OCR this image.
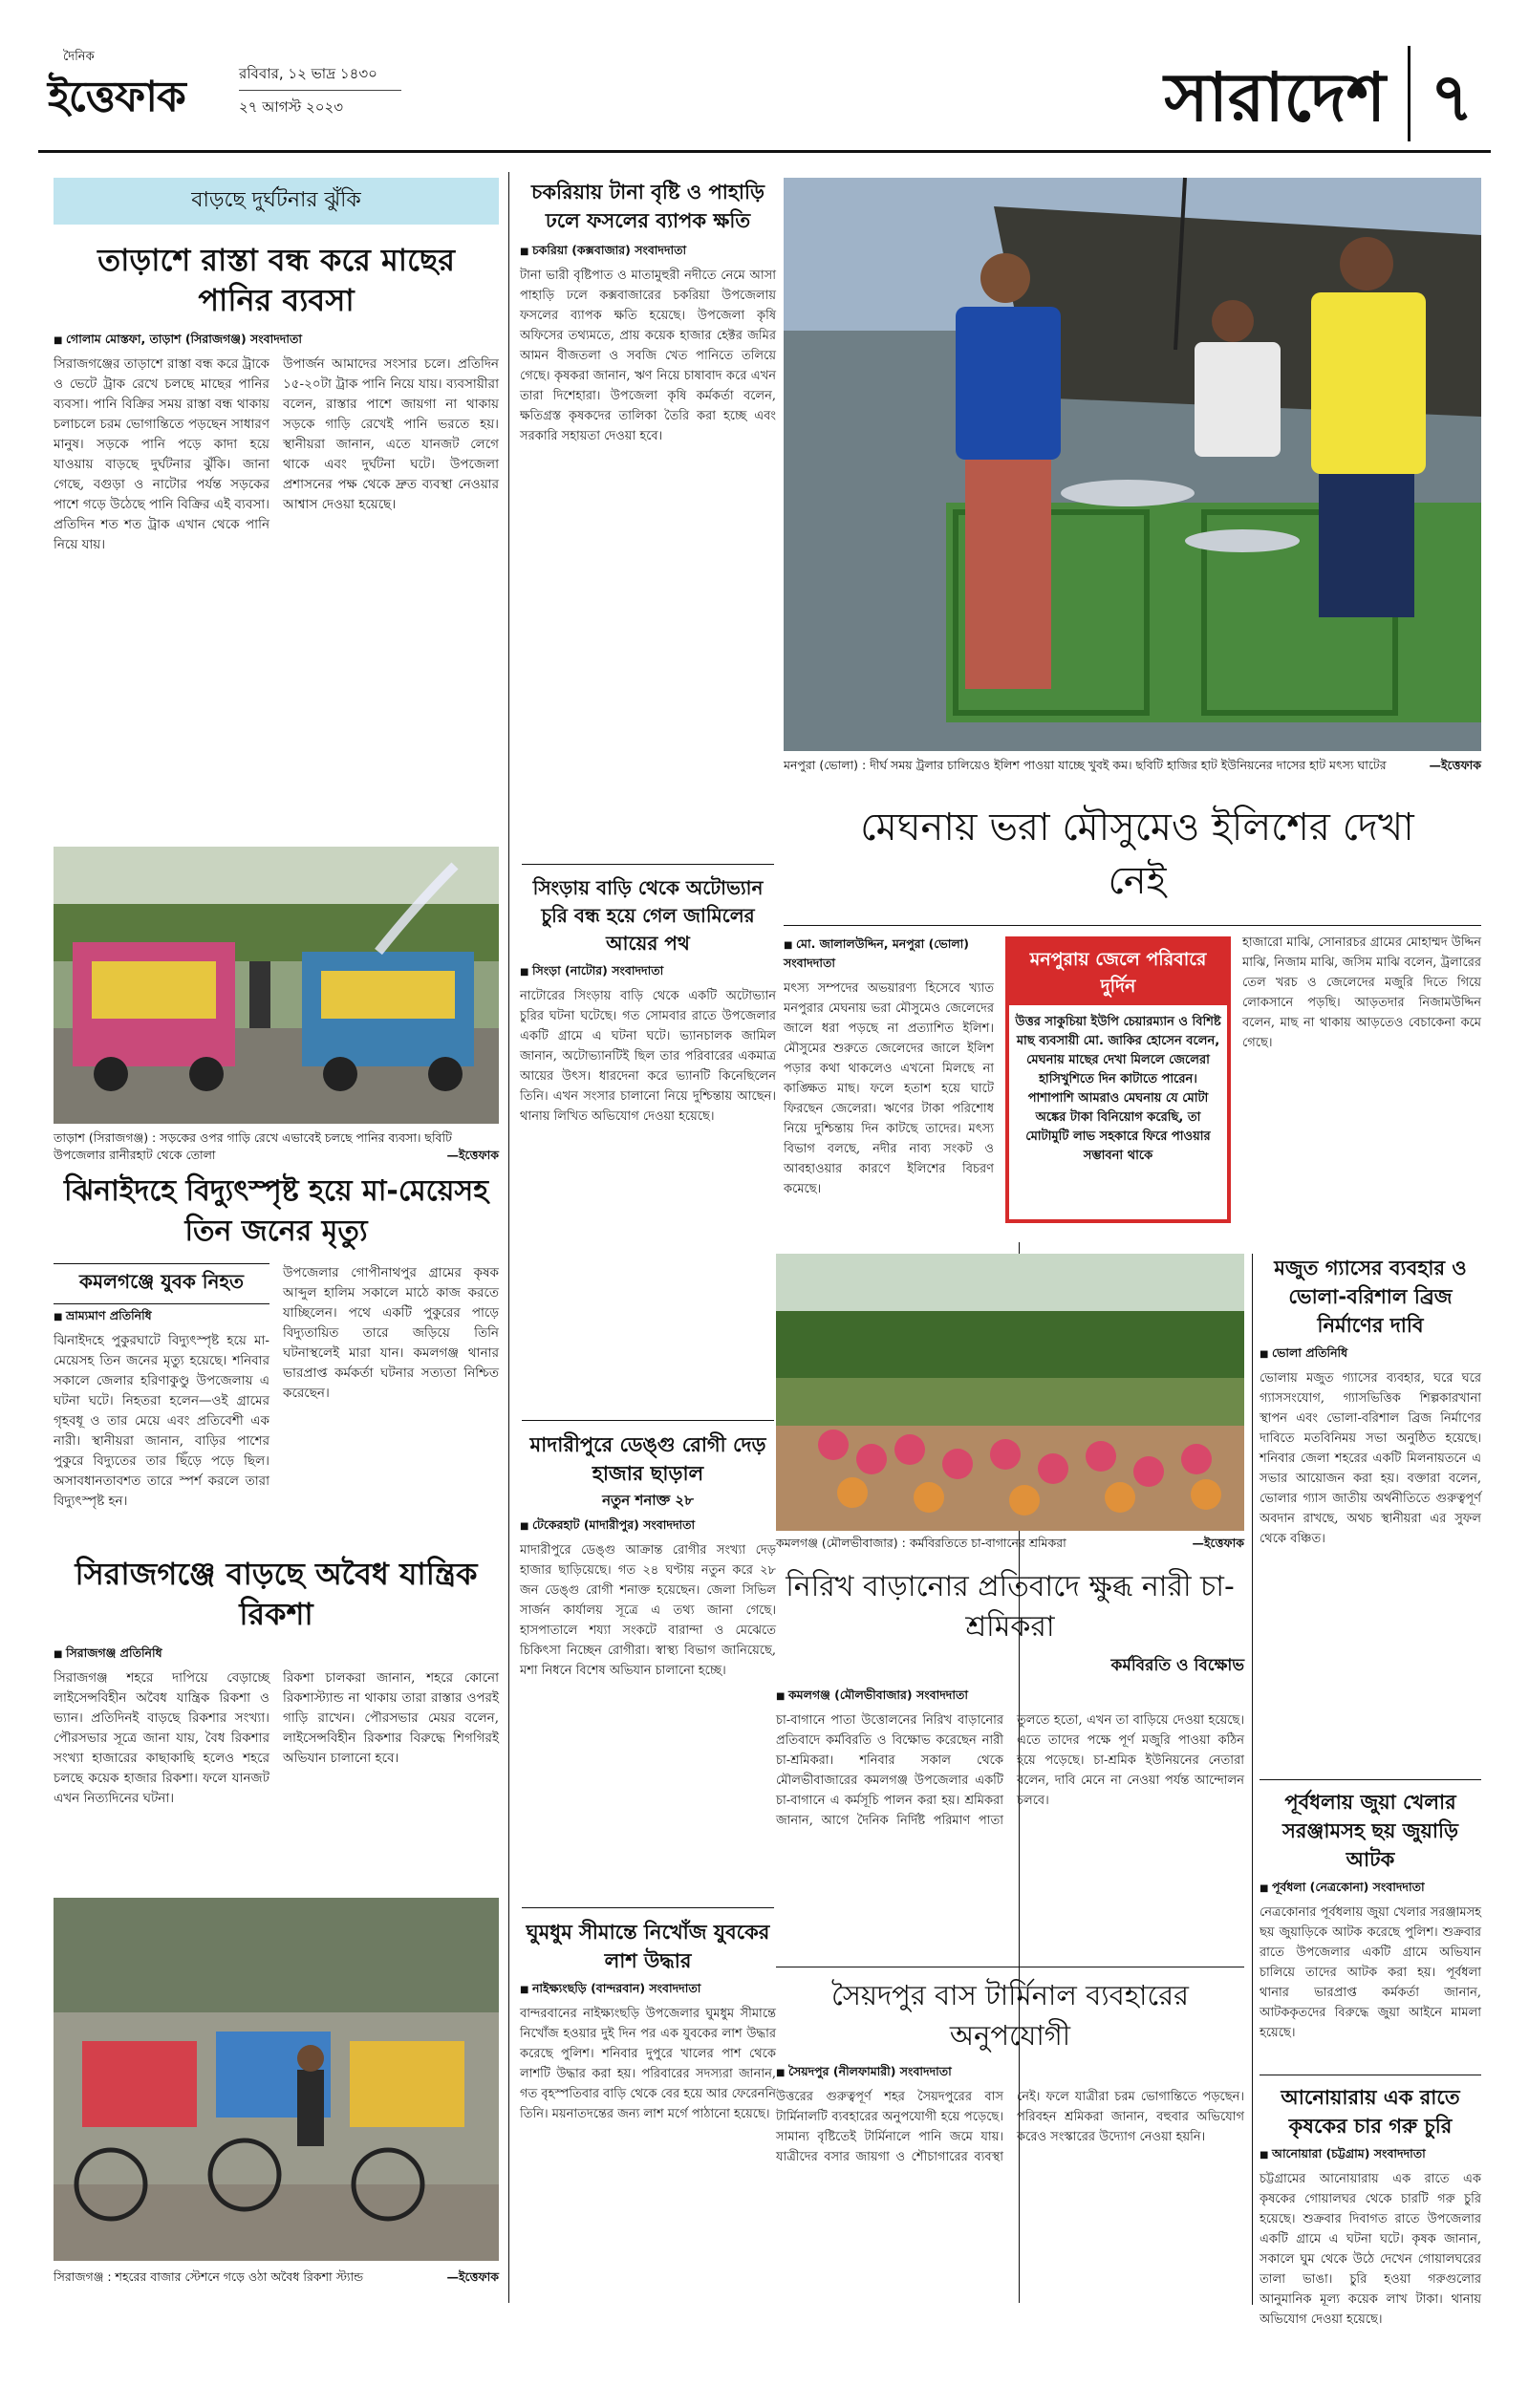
দৈনিক
ইত্তেফাক	রবিবার, ১২ ভাদ্র ১৪৩০
২৭ আগস্ট ২০২৩	সারাদেশ ৭
বাড়ছে দুর্ঘটনার ঝুঁকি
তাড়াশে রাস্তা বন্ধ করে মাছের পানির ব্যবসা
■ গোলাম মোস্তফা, তাড়াশ (সিরাজগঞ্জ) সংবাদদাতা
সিরাজগঞ্জের তাড়াশে রাস্তা বন্ধ করে ট্রাকে ও ভেটে ট্রাক রেখে চলছে মাছের পানির ব্যবসা। পানি বিক্রির সময় রাস্তা বন্ধ থাকায় চলাচলে চরম ভোগান্তিতে পড়ছেন সাধারণ মানুষ। সড়কে পানি পড়ে কাদা হয়ে যাওয়ায় বাড়ছে দুর্ঘটনার ঝুঁকি। জানা গেছে, বগুড়া ও নাটোর পর্যন্ত সড়কের পাশে গড়ে উঠেছে পানি বিক্রির এই ব্যবসা। প্রতিদিন শত শত ট্রাক এখান থেকে পানি নিয়ে যায়।
উপার্জন আমাদের সংসার চলে। প্রতিদিন ১৫-২০টা ট্রাক পানি নিয়ে যায়। ব্যবসায়ীরা বলেন, রাস্তার পাশে জায়গা না থাকায় সড়কে গাড়ি রেখেই পানি ভরতে হয়। স্থানীয়রা জানান, এতে যানজট লেগে থাকে এবং দুর্ঘটনা ঘটে। উপজেলা প্রশাসনের পক্ষ থেকে দ্রুত ব্যবস্থা নেওয়ার আশ্বাস দেওয়া হয়েছে।
তাড়াশ (সিরাজগঞ্জ) : সড়কের ওপর গাড়ি রেখে এভাবেই চলছে পানির ব্যবসা। ছবিটি উপজেলার রানীরহাট থেকে তোলা	—ইত্তেফাক
ঝিনাইদহে বিদ্যুৎস্পৃষ্ট হয়ে মা-মেয়েসহ তিন জনের মৃত্যু
কমলগঞ্জে যুবক নিহত
■ ভ্রাম্যমাণ প্রতিনিধি
ঝিনাইদহে পুকুরঘাটে বিদ্যুৎস্পৃষ্ট হয়ে মা-মেয়েসহ তিন জনের মৃত্যু হয়েছে। শনিবার সকালে জেলার হরিণাকুণ্ডু উপজেলায় এ ঘটনা ঘটে। নিহতরা হলেন—ওই গ্রামের গৃহবধূ ও তার মেয়ে এবং প্রতিবেশী এক নারী। স্থানীয়রা জানান, বাড়ির পাশের পুকুরে বিদ্যুতের তার ছিঁড়ে পড়ে ছিল। অসাবধানতাবশত তারে স্পর্শ করলে তারা বিদ্যুৎস্পৃষ্ট হন।
উপজেলার গোপীনাথপুর গ্রামের কৃষক আব্দুল হালিম সকালে মাঠে কাজ করতে যাচ্ছিলেন। পথে একটি পুকুরের পাড়ে বিদ্যুতায়িত তারে জড়িয়ে তিনি ঘটনাস্থলেই মারা যান। কমলগঞ্জ থানার ভারপ্রাপ্ত কর্মকর্তা ঘটনার সত্যতা নিশ্চিত করেছেন।
সিরাজগঞ্জে বাড়ছে অবৈধ যান্ত্রিক রিকশা
■ সিরাজগঞ্জ প্রতিনিধি
সিরাজগঞ্জ শহরে দাপিয়ে বেড়াচ্ছে লাইসেন্সবিহীন অবৈধ যান্ত্রিক রিকশা ও ভ্যান। প্রতিদিনই বাড়ছে রিকশার সংখ্যা। পৌরসভার সূত্রে জানা যায়, বৈধ রিকশার সংখ্যা হাজারের কাছাকাছি হলেও শহরে চলছে কয়েক হাজার রিকশা। ফলে যানজট এখন নিত্যদিনের ঘটনা।
রিকশা চালকরা জানান, শহরে কোনো রিকশাস্ট্যান্ড না থাকায় তারা রাস্তার ওপরই গাড়ি রাখেন। পৌরসভার মেয়র বলেন, লাইসেন্সবিহীন রিকশার বিরুদ্ধে শিগগিরই অভিযান চালানো হবে।
সিরাজগঞ্জ : শহরের বাজার স্টেশনে গড়ে ওঠা অবৈধ রিকশা স্ট্যান্ড	—ইত্তেফাক
চকরিয়ায় টানা বৃষ্টি ও পাহাড়ি ঢলে ফসলের ব্যাপক ক্ষতি
■ চকরিয়া (কক্সবাজার) সংবাদদাতা
টানা ভারী বৃষ্টিপাত ও মাতামুহুরী নদীতে নেমে আসা পাহাড়ি ঢলে কক্সবাজারের চকরিয়া উপজেলায় ফসলের ব্যাপক ক্ষতি হয়েছে। উপজেলা কৃষি অফিসের তথ্যমতে, প্রায় কয়েক হাজার হেক্টর জমির আমন বীজতলা ও সবজি খেত পানিতে তলিয়ে গেছে। কৃষকরা জানান, ঋণ নিয়ে চাষাবাদ করে এখন তারা দিশেহারা। উপজেলা কৃষি কর্মকর্তা বলেন, ক্ষতিগ্রস্ত কৃষকদের তালিকা তৈরি করা হচ্ছে এবং সরকারি সহায়তা দেওয়া হবে।
সিংড়ায় বাড়ি থেকে অটোভ্যান চুরি বন্ধ হয়ে গেল জামিলের আয়ের পথ
■ সিংড়া (নাটোর) সংবাদদাতা
নাটোরের সিংড়ায় বাড়ি থেকে একটি অটোভ্যান চুরির ঘটনা ঘটেছে। গত সোমবার রাতে উপজেলার একটি গ্রামে এ ঘটনা ঘটে। ভ্যানচালক জামিল জানান, অটোভ্যানটিই ছিল তার পরিবারের একমাত্র আয়ের উৎস। ধারদেনা করে ভ্যানটি কিনেছিলেন তিনি। এখন সংসার চালানো নিয়ে দুশ্চিন্তায় আছেন। থানায় লিখিত অভিযোগ দেওয়া হয়েছে।
মাদারীপুরে ডেঙ্গু রোগী দেড় হাজার ছাড়াল
নতুন শনাক্ত ২৮
■ টেকেরহাট (মাদারীপুর) সংবাদদাতা
মাদারীপুরে ডেঙ্গু আক্রান্ত রোগীর সংখ্যা দেড় হাজার ছাড়িয়েছে। গত ২৪ ঘণ্টায় নতুন করে ২৮ জন ডেঙ্গু রোগী শনাক্ত হয়েছেন। জেলা সিভিল সার্জন কার্যালয় সূত্রে এ তথ্য জানা গেছে। হাসপাতালে শয্যা সংকটে বারান্দা ও মেঝেতে চিকিৎসা নিচ্ছেন রোগীরা। স্বাস্থ্য বিভাগ জানিয়েছে, মশা নিধনে বিশেষ অভিযান চালানো হচ্ছে।
ঘুমধুম সীমান্তে নিখোঁজ যুবকের লাশ উদ্ধার
■ নাইক্ষ্যংছড়ি (বান্দরবান) সংবাদদাতা
বান্দরবানের নাইক্ষ্যংছড়ি উপজেলার ঘুমধুম সীমান্তে নিখোঁজ হওয়ার দুই দিন পর এক যুবকের লাশ উদ্ধার করেছে পুলিশ। শনিবার দুপুরে খালের পাশ থেকে লাশটি উদ্ধার করা হয়। পরিবারের সদস্যরা জানান, গত বৃহস্পতিবার বাড়ি থেকে বের হয়ে আর ফেরেননি তিনি। ময়নাতদন্তের জন্য লাশ মর্গে পাঠানো হয়েছে।
মনপুরা (ভোলা) : দীর্ঘ সময় ট্রলার চালিয়েও ইলিশ পাওয়া যাচ্ছে খুবই কম। ছবিটি হাজির হাট ইউনিয়নের দাসের হাট মৎস্য ঘাটের	—ইত্তেফাক
মেঘনায় ভরা মৌসুমেও ইলিশের দেখা নেই
■ মো. জালালউদ্দিন, মনপুরা (ভোলা) সংবাদদাতা
মৎস্য সম্পদের অভয়ারণ্য হিসেবে খ্যাত মনপুরার মেঘনায় ভরা মৌসুমেও জেলেদের জালে ধরা পড়ছে না প্রত্যাশিত ইলিশ। মৌসুমের শুরুতে জেলেদের জালে ইলিশ পড়ার কথা থাকলেও এখনো মিলছে না কাঙ্ক্ষিত মাছ। ফলে হতাশ হয়ে ঘাটে ফিরছেন জেলেরা। ঋণের টাকা পরিশোধ নিয়ে দুশ্চিন্তায় দিন কাটছে তাদের। মৎস্য বিভাগ বলছে, নদীর নাব্য সংকট ও আবহাওয়ার কারণে ইলিশের বিচরণ কমেছে।
মনপুরায় জেলে পরিবারে দুর্দিন
উত্তর সাকুচিয়া ইউপি চেয়ারম্যান ও বিশিষ্ট মাছ ব্যবসায়ী মো. জাকির হোসেন বলেন, মেঘনায় মাছের দেখা মিললে জেলেরা হাসিখুশিতে দিন কাটাতে পারেন। পাশাপাশি আমরাও মেঘনায় যে মোটা অঙ্কের টাকা বিনিয়োগ করেছি, তা মোটামুটি লাভ সহকারে ফিরে পাওয়ার সম্ভাবনা থাকে
হাজারো মাঝি, সোনারচর গ্রামের মোহাম্মদ উদ্দিন মাঝি, নিজাম মাঝি, জসিম মাঝি বলেন, ট্রলারের তেল খরচ ও জেলেদের মজুরি দিতে গিয়ে লোকসানে পড়ছি। আড়তদার নিজামউদ্দিন বলেন, মাছ না থাকায় আড়তেও বেচাকেনা কমে গেছে।
কমলগঞ্জ (মৌলভীবাজার) : কর্মবিরতিতে চা-বাগানের শ্রমিকরা	—ইত্তেফাক
নিরিখ বাড়ানোর প্রতিবাদে ক্ষুব্ধ নারী চা-শ্রমিকরা
কর্মবিরতি ও বিক্ষোভ
■ কমলগঞ্জ (মৌলভীবাজার) সংবাদদাতা
চা-বাগানে পাতা উত্তোলনের নিরিখ বাড়ানোর প্রতিবাদে কর্মবিরতি ও বিক্ষোভ করেছেন নারী চা-শ্রমিকরা। শনিবার সকাল থেকে মৌলভীবাজারের কমলগঞ্জ উপজেলার একটি চা-বাগানে এ কর্মসূচি পালন করা হয়। শ্রমিকরা জানান, আগে দৈনিক নির্দিষ্ট পরিমাণ পাতা তুলতে হতো, এখন তা বাড়িয়ে দেওয়া হয়েছে। এতে তাদের পক্ষে পূর্ণ মজুরি পাওয়া কঠিন হয়ে পড়েছে। চা-শ্রমিক ইউনিয়নের নেতারা বলেন, দাবি মেনে না নেওয়া পর্যন্ত আন্দোলন চলবে।
সৈয়দপুর বাস টার্মিনাল ব্যবহারের অনুপযোগী
■ সৈয়দপুর (নীলফামারী) সংবাদদাতা
উত্তরের গুরুত্বপূর্ণ শহর সৈয়দপুরের বাস টার্মিনালটি ব্যবহারের অনুপযোগী হয়ে পড়েছে। সামান্য বৃষ্টিতেই টার্মিনালে পানি জমে যায়। যাত্রীদের বসার জায়গা ও শৌচাগারের ব্যবস্থা নেই। ফলে যাত্রীরা চরম ভোগান্তিতে পড়ছেন। পরিবহন শ্রমিকরা জানান, বহুবার অভিযোগ করেও সংস্কারের উদ্যোগ নেওয়া হয়নি।
মজুত গ্যাসের ব্যবহার ও ভোলা-বরিশাল ব্রিজ নির্মাণের দাবি
■ ভোলা প্রতিনিধি
ভোলায় মজুত গ্যাসের ব্যবহার, ঘরে ঘরে গ্যাসসংযোগ, গ্যাসভিত্তিক শিল্পকারখানা স্থাপন এবং ভোলা-বরিশাল ব্রিজ নির্মাণের দাবিতে মতবিনিময় সভা অনুষ্ঠিত হয়েছে। শনিবার জেলা শহরের একটি মিলনায়তনে এ সভার আয়োজন করা হয়। বক্তারা বলেন, ভোলার গ্যাস জাতীয় অর্থনীতিতে গুরুত্বপূর্ণ অবদান রাখছে, অথচ স্থানীয়রা এর সুফল থেকে বঞ্চিত।
পূর্বধলায় জুয়া খেলার সরঞ্জামসহ ছয় জুয়াড়ি আটক
■ পূর্বধলা (নেত্রকোনা) সংবাদদাতা
নেত্রকোনার পূর্বধলায় জুয়া খেলার সরঞ্জামসহ ছয় জুয়াড়িকে আটক করেছে পুলিশ। শুক্রবার রাতে উপজেলার একটি গ্রামে অভিযান চালিয়ে তাদের আটক করা হয়। পূর্বধলা থানার ভারপ্রাপ্ত কর্মকর্তা জানান, আটককৃতদের বিরুদ্ধে জুয়া আইনে মামলা হয়েছে।
আনোয়ারায় এক রাতে কৃষকের চার গরু চুরি
■ আনোয়ারা (চট্টগ্রাম) সংবাদদাতা
চট্টগ্রামের আনোয়ারায় এক রাতে এক কৃষকের গোয়ালঘর থেকে চারটি গরু চুরি হয়েছে। শুক্রবার দিবাগত রাতে উপজেলার একটি গ্রামে এ ঘটনা ঘটে। কৃষক জানান, সকালে ঘুম থেকে উঠে দেখেন গোয়ালঘরের তালা ভাঙা। চুরি হওয়া গরুগুলোর আনুমানিক মূল্য কয়েক লাখ টাকা। থানায় অভিযোগ দেওয়া হয়েছে।
